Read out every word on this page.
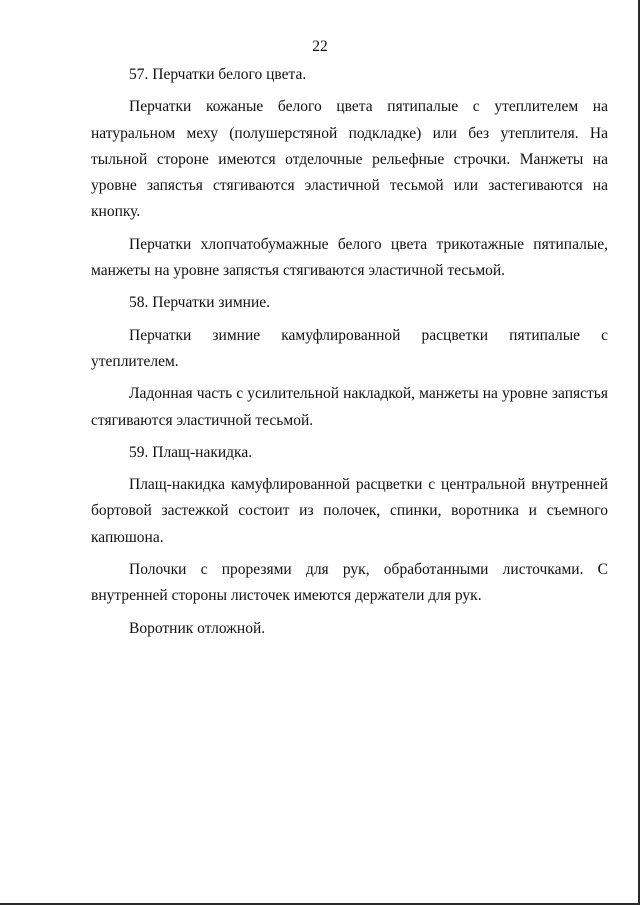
22

57. Перчатки белого цвета.

Перчатки кожаные белого цвета пятипалые с утеплителем на натуральном меху (полушерстяной подкладке) или без утеплителя. На тыльной стороне имеются отделочные рельефные строчки. Манжеты на уровне запястья стягиваются эластичной тесьмой или застегиваются на кнопку.

Перчатки хлопчатобумажные белого цвета трикотажные пятипалые, манжеты на уровне запястья стягиваются эластичной тесьмой.

58. Перчатки зимние.

Перчатки зимние камуфлированной расцветки пятипалые с утеплителем.

Ладонная часть с усилительной накладкой, манжеты на уровне запястья стягиваются эластичной тесьмой.

59. Плащ-накидка.

Плащ-накидка камуфлированной расцветки с центральной внутренней бортовой застежкой состоит из полочек, спинки, воротника и съемного капюшона.

Полочки с прорезями для рук, обработанными листочками. С внутренней стороны листочек имеются держатели для рук.

Воротник отложной.
